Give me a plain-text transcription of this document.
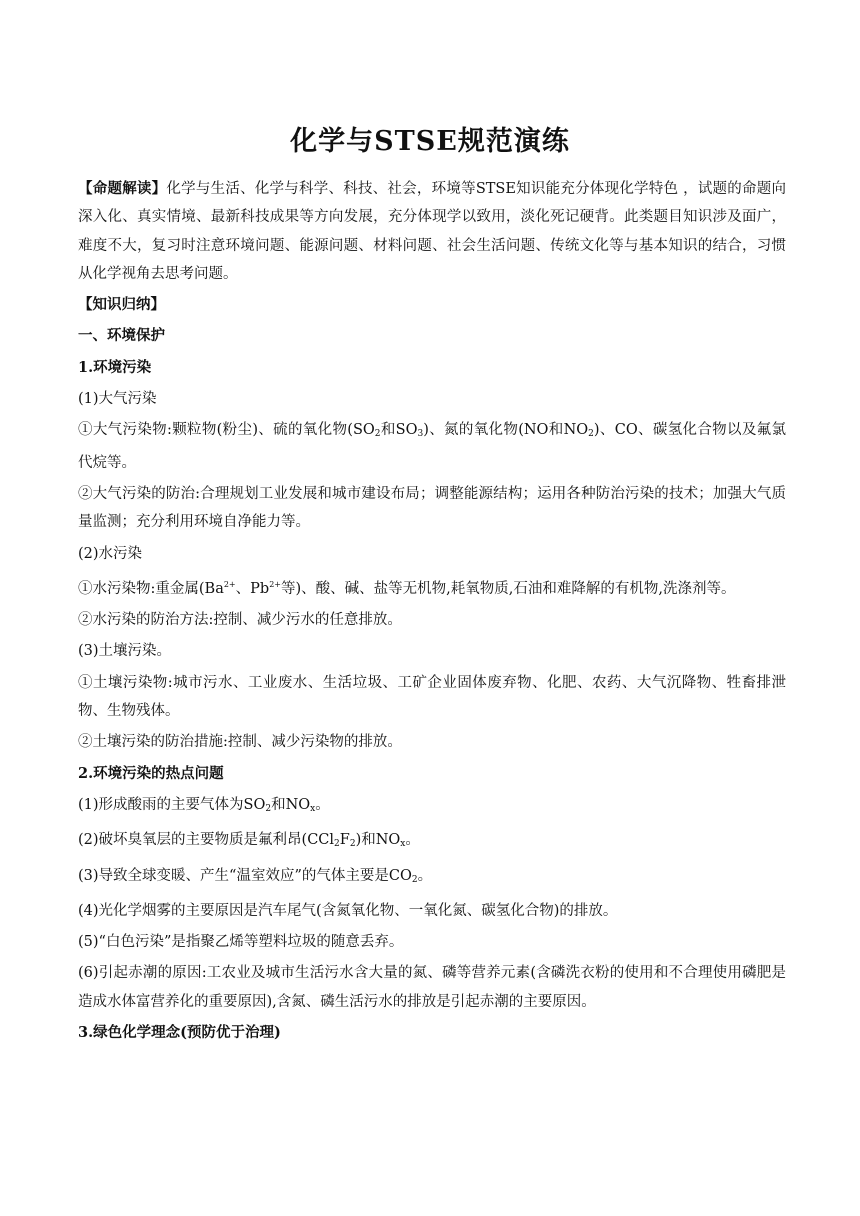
化学与STSE规范演练

【命题解读】化学与生活、化学与科学、科技、社会，环境等STSE知识能充分体现化学特色 ，试题的命题向深入化、真实情境、最新科技成果等方向发展，充分体现学以致用，淡化死记硬背。此类题目知识涉及面广，难度不大，复习时注意环境问题、能源问题、材料问题、社会生活问题、传统文化等与基本知识的结合，习惯从化学视角去思考问题。

【知识归纳】

一、环境保护

1.环境污染

(1)大气污染

①大气污染物:颗粒物(粉尘)、硫的氧化物($SO_2$和$SO_3$)、氮的氧化物(NO和$NO_2$)、CO、碳氢化合物以及氟氯代烷等。

②大气污染的防治:合理规划工业发展和城市建设布局；调整能源结构；运用各种防治污染的技术；加强大气质量监测；充分利用环境自净能力等。

(2)水污染

①水污染物:重金属($Ba^{2+}$、$Pb^{2+}$等)、酸、碱、盐等无机物,耗氧物质,石油和难降解的有机物,洗涤剂等。

②水污染的防治方法:控制、减少污水的任意排放。

(3)土壤污染。

①土壤污染物:城市污水、工业废水、生活垃圾、工矿企业固体废弃物、化肥、农药、大气沉降物、牲畜排泄物、生物残体。

②土壤污染的防治措施:控制、减少污染物的排放。

2.环境污染的热点问题

(1)形成酸雨的主要气体为$SO_2$和$NO_x$。

(2)破坏臭氧层的主要物质是氟利昂$(CCl_2F_2)$和$NO_x$。

(3)导致全球变暖、产生“温室效应”的气体主要是$CO_2$。

(4)光化学烟雾的主要原因是汽车尾气(含氮氧化物、一氧化氮、碳氢化合物)的排放。

(5)“白色污染”是指聚乙烯等塑料垃圾的随意丢弃。

(6)引起赤潮的原因:工农业及城市生活污水含大量的氮、磷等营养元素(含磷洗衣粉的使用和不合理使用磷肥是造成水体富营养化的重要原因),含氮、磷生活污水的排放是引起赤潮的主要原因。

3.绿色化学理念(预防优于治理)
